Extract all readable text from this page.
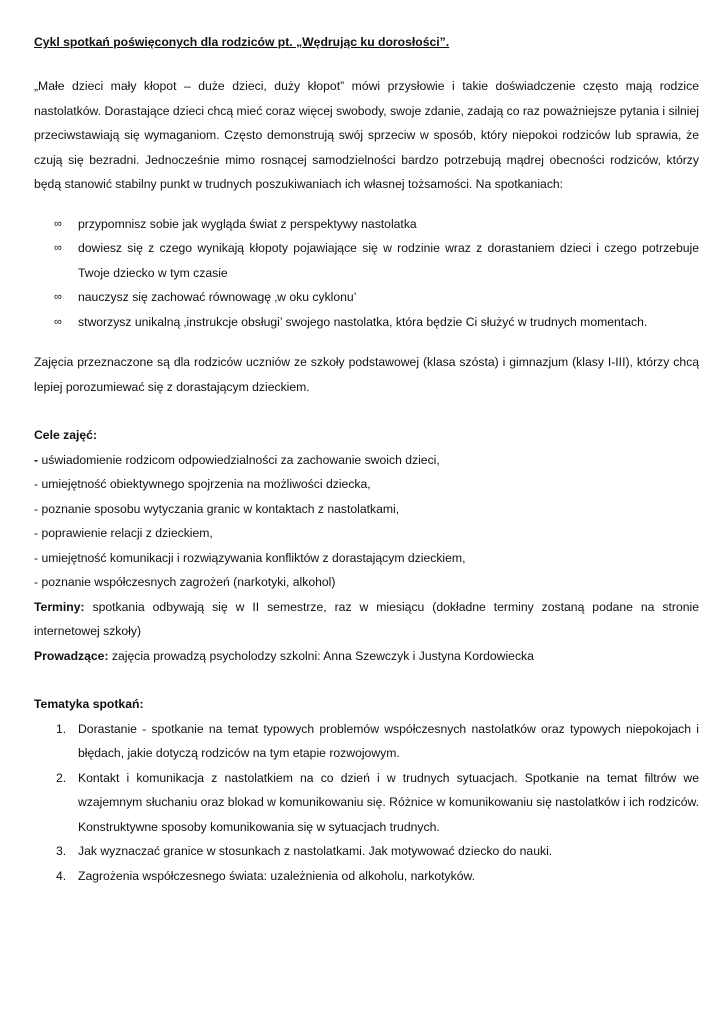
Cykl spotkań poświęconych dla rodziców pt. „Wędrując ku dorosłości”.

„Małe dzieci mały kłopot – duże dzieci, duży kłopot” mówi przysłowie i takie doświadczenie często mają rodzice nastolatków. Dorastające dzieci chcą mieć coraz więcej swobody, swoje zdanie, zadają co raz poważniejsze pytania i silniej przeciwstawiają się wymaganiom. Często demonstrują swój sprzeciw w sposób, który niepokoi rodziców lub sprawia, że czują się bezradni. Jednocześnie mimo rosnącej samodzielności bardzo potrzebują mądrej obecności rodziców, którzy będą stanowić stabilny punkt w trudnych poszukiwaniach ich własnej tożsamości. Na spotkaniach:

∞ przypomnisz sobie jak wygląda świat z perspektywy nastolatka
∞ dowiesz się z czego wynikają kłopoty pojawiające się w rodzinie wraz z dorastaniem dzieci i czego potrzebuje Twoje dziecko w tym czasie
∞ nauczysz się zachować równowagę ‚w oku cyklonu’
∞ stworzysz unikalną ‚instrukcje obsługi’ swojego nastolatka, która będzie Ci służyć w trudnych momentach.

Zajęcia przeznaczone są dla rodziców uczniów ze szkoły podstawowej (klasa szósta) i gimnazjum (klasy I-III), którzy chcą lepiej porozumiewać się z dorastającym dzieckiem.

Cele zajęć:
- uświadomienie rodzicom odpowiedzialności za zachowanie swoich dzieci,
- umiejętność obiektywnego spojrzenia na możliwości dziecka,
- poznanie sposobu wytyczania granic w kontaktach z nastolatkami,
- poprawienie relacji z dzieckiem,
- umiejętność komunikacji i rozwiązywania konfliktów z dorastającym dzieckiem,
- poznanie współczesnych zagrożeń (narkotyki, alkohol)
Terminy: spotkania odbywają się w II semestrze, raz w miesiącu (dokładne terminy zostaną podane na stronie internetowej szkoły)
Prowadzące: zajęcia prowadzą psycholodzy szkolni: Anna Szewczyk i Justyna Kordowiecka
Tematyka spotkań:
1. Dorastanie - spotkanie na temat typowych problemów współczesnych nastolatków oraz typowych niepokojach i błędach, jakie dotyczą rodziców na tym etapie rozwojowym.
2. Kontakt i komunikacja z nastolatkiem na co dzień i w trudnych sytuacjach. Spotkanie na temat filtrów we wzajemnym słuchaniu oraz blokad w komunikowaniu się. Różnice w komunikowaniu się nastolatków i ich rodziców. Konstruktywne sposoby komunikowania się w sytuacjach trudnych.
3. Jak wyznaczać granice w stosunkach z nastolatkami. Jak motywować dziecko do nauki.
4. Zagrożenia współczesnego świata: uzależnienia od alkoholu, narkotyków.
